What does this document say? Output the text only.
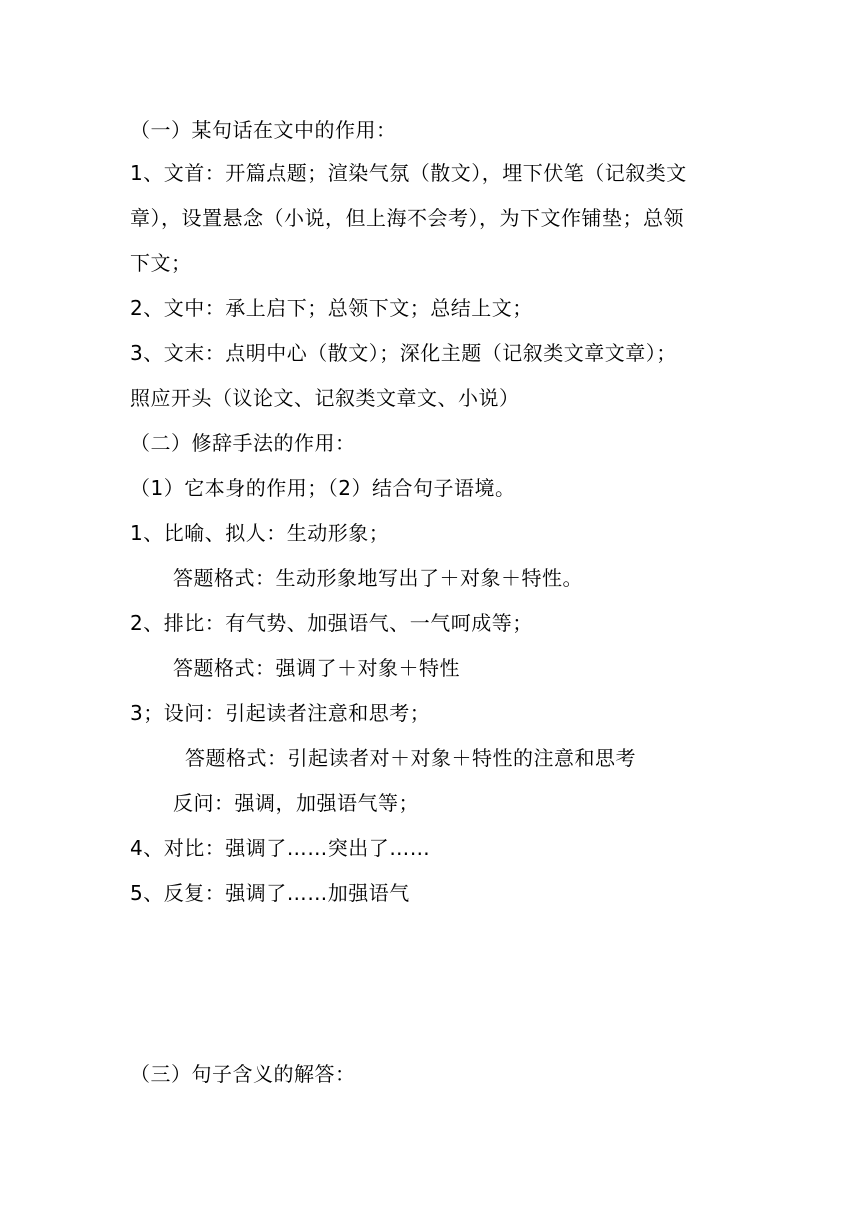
（一）某句话在文中的作用：
1、文首：开篇点题；渲染气氛（散文），埋下伏笔（记叙类文
章），设置悬念（小说，但上海不会考），为下文作铺垫；总领
下文；
2、文中：承上启下；总领下文；总结上文；
3、文末：点明中心（散文）；深化主题（记叙类文章文章）；
照应开头（议论文、记叙类文章文、小说）
（二）修辞手法的作用：
（1）它本身的作用；（2）结合句子语境。
1、比喻、拟人：生动形象；
答题格式：生动形象地写出了＋对象＋特性。
2、排比：有气势、加强语气、一气呵成等；
答题格式：强调了＋对象＋特性
3；设问：引起读者注意和思考；
答题格式：引起读者对＋对象＋特性的注意和思考
反问：强调，加强语气等；
4、对比：强调了……突出了……
5、反复：强调了……加强语气
（三）句子含义的解答：
